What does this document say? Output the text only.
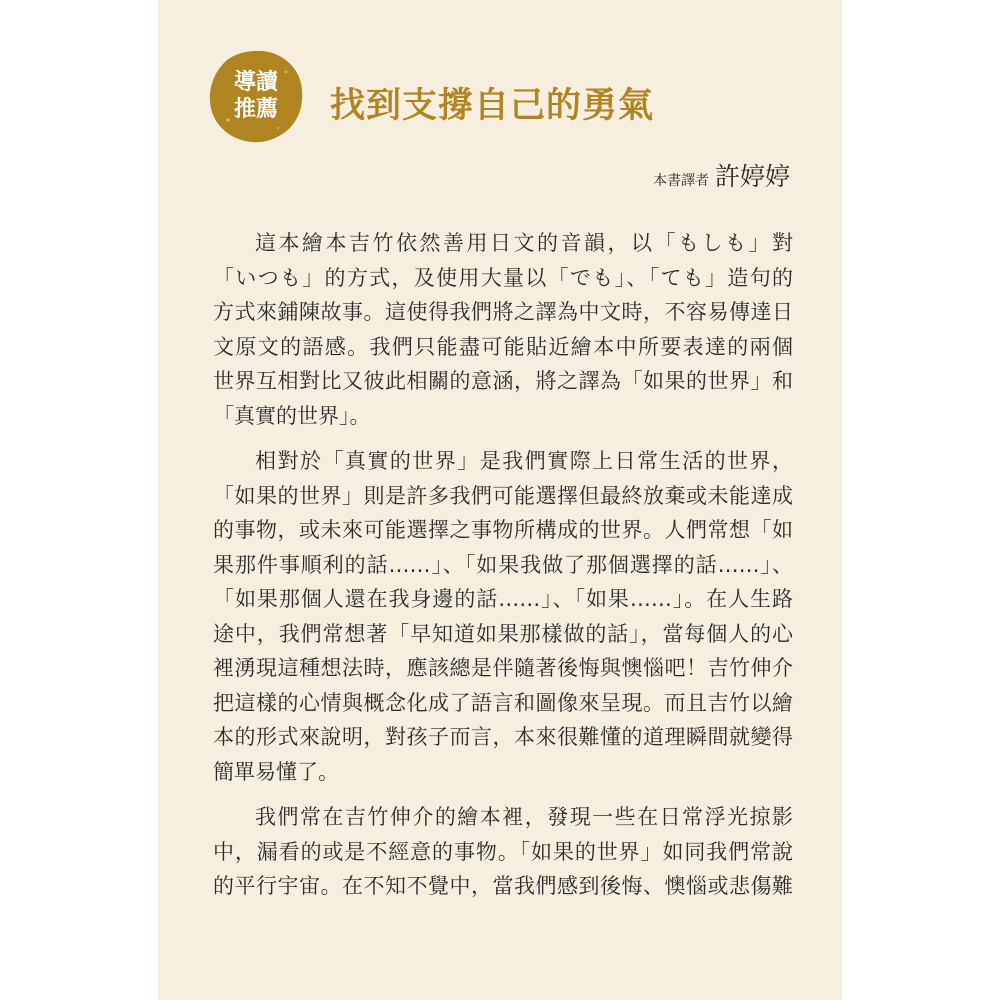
導讀
推薦	找到支撐自己的勇氣
本書譯者 許婷婷
這本繪本吉竹依然善用日文的音韻，以「もしも」對
「いつも」的方式，及使用大量以「でも」、「ても」造句的
方式來鋪陳故事。這使得我們將之譯為中文時，不容易傳達日
文原文的語感。我們只能盡可能貼近繪本中所要表達的兩個
世界互相對比又彼此相關的意涵，將之譯為「如果的世界」和
「真實的世界」。
相對於「真實的世界」是我們實際上日常生活的世界，
「如果的世界」則是許多我們可能選擇但最終放棄或未能達成
的事物，或未來可能選擇之事物所構成的世界。人們常想「如
果那件事順利的話……」、「如果我做了那個選擇的話……」、
「如果那個人還在我身邊的話……」、「如果……」。在人生路
途中，我們常想著「早知道如果那樣做的話」，當每個人的心
裡湧現這種想法時，應該總是伴隨著後悔與懊惱吧！吉竹伸介
把這樣的心情與概念化成了語言和圖像來呈現。而且吉竹以繪
本的形式來說明，對孩子而言，本來很難懂的道理瞬間就變得
簡單易懂了。
我們常在吉竹伸介的繪本裡，發現一些在日常浮光掠影
中，漏看的或是不經意的事物。「如果的世界」如同我們常說
的平行宇宙。在不知不覺中，當我們感到後悔、懊惱或悲傷難
